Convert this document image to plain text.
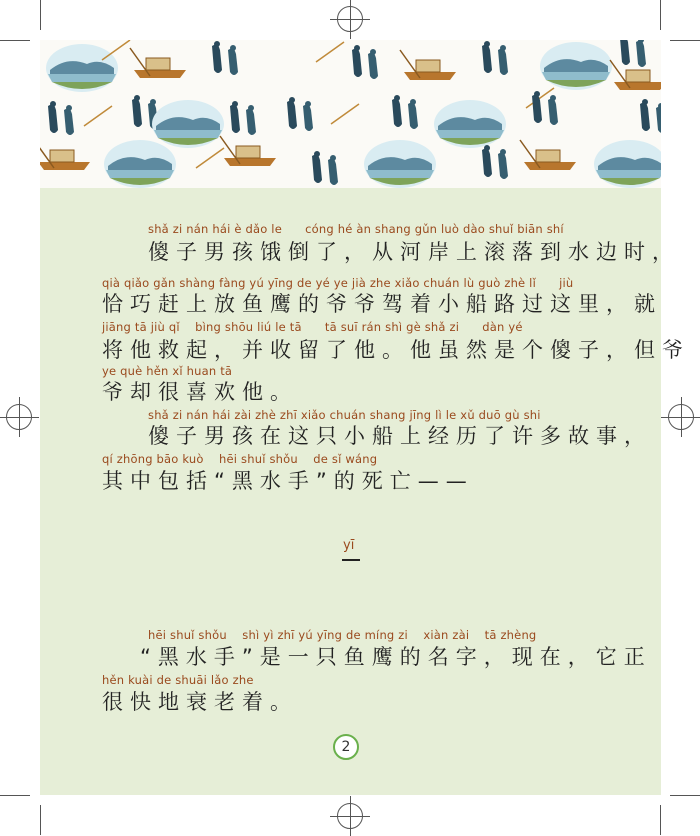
shǎ zi nán hái è dǎo le      cóng hé àn shang gǔn luò dào shuǐ biān shí
傻子男孩饿倒了，从河岸上滚落到水边时，
qià qiǎo gǎn shàng fàng yú yīng de yé ye jià zhe xiǎo chuán lù guò zhè lǐ      jiù
恰巧赶上放鱼鹰的爷爷驾着小船路过这里，就
jiāng tā jiù qǐ    bìng shōu liú le tā      tā suī rán shì gè shǎ zi      dàn yé
将他救起，并收留了他。他虽然是个傻子，但爷
ye què hěn xǐ huan tā
爷却很喜欢他。
shǎ zi nán hái zài zhè zhī xiǎo chuán shang jīng lì le xǔ duō gù shi
傻子男孩在这只小船上经历了许多故事，
qí zhōng bāo kuò    hēi shuǐ shǒu    de sǐ wáng
其中包括“黑水手”的死亡——
yī
hēi shuǐ shǒu    shì yì zhī yú yīng de míng zi    xiàn zài    tā zhèng
“黑水手”是一只鱼鹰的名字，现在，它正
hěn kuài de shuāi lǎo zhe
很快地衰老着。
2
